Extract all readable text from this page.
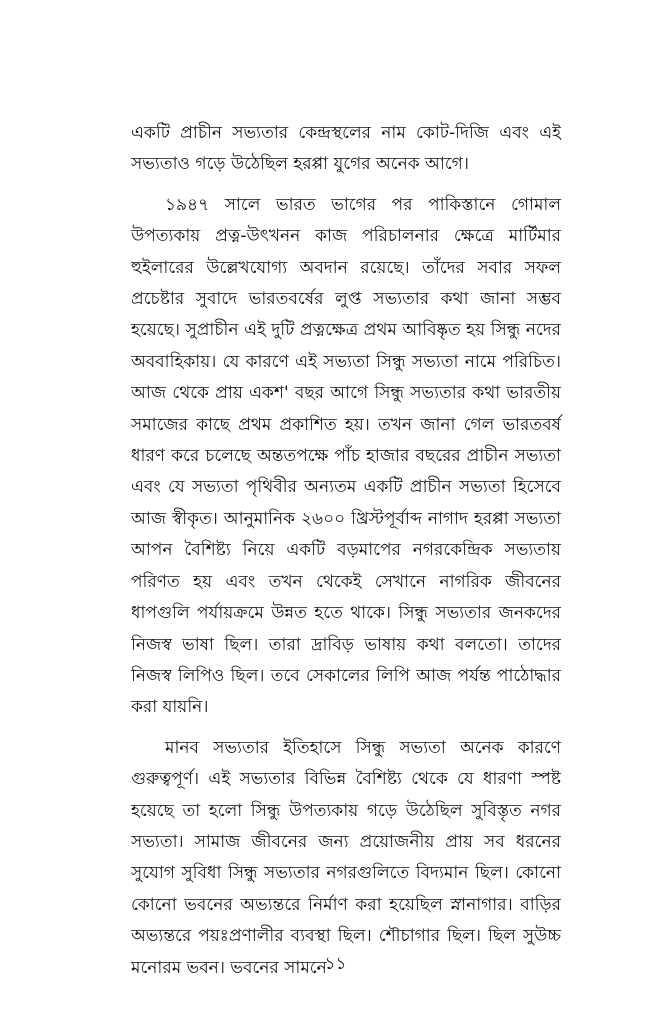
একটি প্রাচীন সভ্যতার কেন্দ্রস্থলের নাম কোট-দিজি এবং এই সভ্যতাও গড়ে উঠেছিল হরপ্পা যুগের অনেক আগে।

১৯৪৭ সালে ভারত ভাগের পর পাকিস্তানে গোমাল উপত্যকায় প্রত্ন-উৎখনন কাজ পরিচালনার ক্ষেত্রে মার্টিমার হুইলারের উল্লেখযোগ্য অবদান রয়েছে। তাঁদের সবার সফল প্রচেষ্টার সুবাদে ভারতবর্ষের লুপ্ত সভ্যতার কথা জানা সম্ভব হয়েছে। সুপ্রাচীন এই দুটি প্রত্নক্ষেত্র প্রথম আবিষ্কৃত হয় সিন্ধু নদের অববাহিকায়। যে কারণে এই সভ্যতা সিন্ধু সভ্যতা নামে পরিচিত। আজ থেকে প্রায় একশ' বছর আগে সিন্ধু সভ্যতার কথা ভারতীয় সমাজের কাছে প্রথম প্রকাশিত হয়। তখন জানা গেল ভারতবর্ষ ধারণ করে চলেছে অন্ততপক্ষে পাঁচ হাজার বছরের প্রাচীন সভ্যতা এবং যে সভ্যতা পৃথিবীর অন্যতম একটি প্রাচীন সভ্যতা হিসেবে আজ স্বীকৃত। আনুমানিক ২৬০০ খ্রিস্টপূর্বাব্দ নাগাদ হরপ্পা সভ্যতা আপন বৈশিষ্ট্য নিয়ে একটি বড়মাপের নগরকেন্দ্রিক সভ্যতায় পরিণত হয় এবং তখন থেকেই সেখানে নাগরিক জীবনের ধাপগুলি পর্যায়ক্রমে উন্নত হতে থাকে। সিন্ধু সভ্যতার জনকদের নিজস্ব ভাষা ছিল। তারা দ্রাবিড় ভাষায় কথা বলতো। তাদের নিজস্ব লিপিও ছিল। তবে সেকালের লিপি আজ পর্যন্ত পাঠোদ্ধার করা যায়নি।

মানব সভ্যতার ইতিহাসে সিন্ধু সভ্যতা অনেক কারণে গুরুত্বপূর্ণ। এই সভ্যতার বিভিন্ন বৈশিষ্ট্য থেকে যে ধারণা স্পষ্ট হয়েছে তা হলো সিন্ধু উপত্যকায় গড়ে উঠেছিল সুবিস্তৃত নগর সভ্যতা। সামাজ জীবনের জন্য প্রয়োজনীয় প্রায় সব ধরনের সুযোগ সুবিধা সিন্ধু সভ্যতার নগরগুলিতে বিদ্যমান ছিল। কোনো কোনো ভবনের অভ্যন্তরে নির্মাণ করা হয়েছিল স্নানাগার। বাড়ির অভ্যন্তরে পয়ঃপ্রণালীর ব্যবস্থা ছিল। শৌচাগার ছিল। ছিল সুউচ্চ মনোরম ভবন। ভবনের সামনে

১১
